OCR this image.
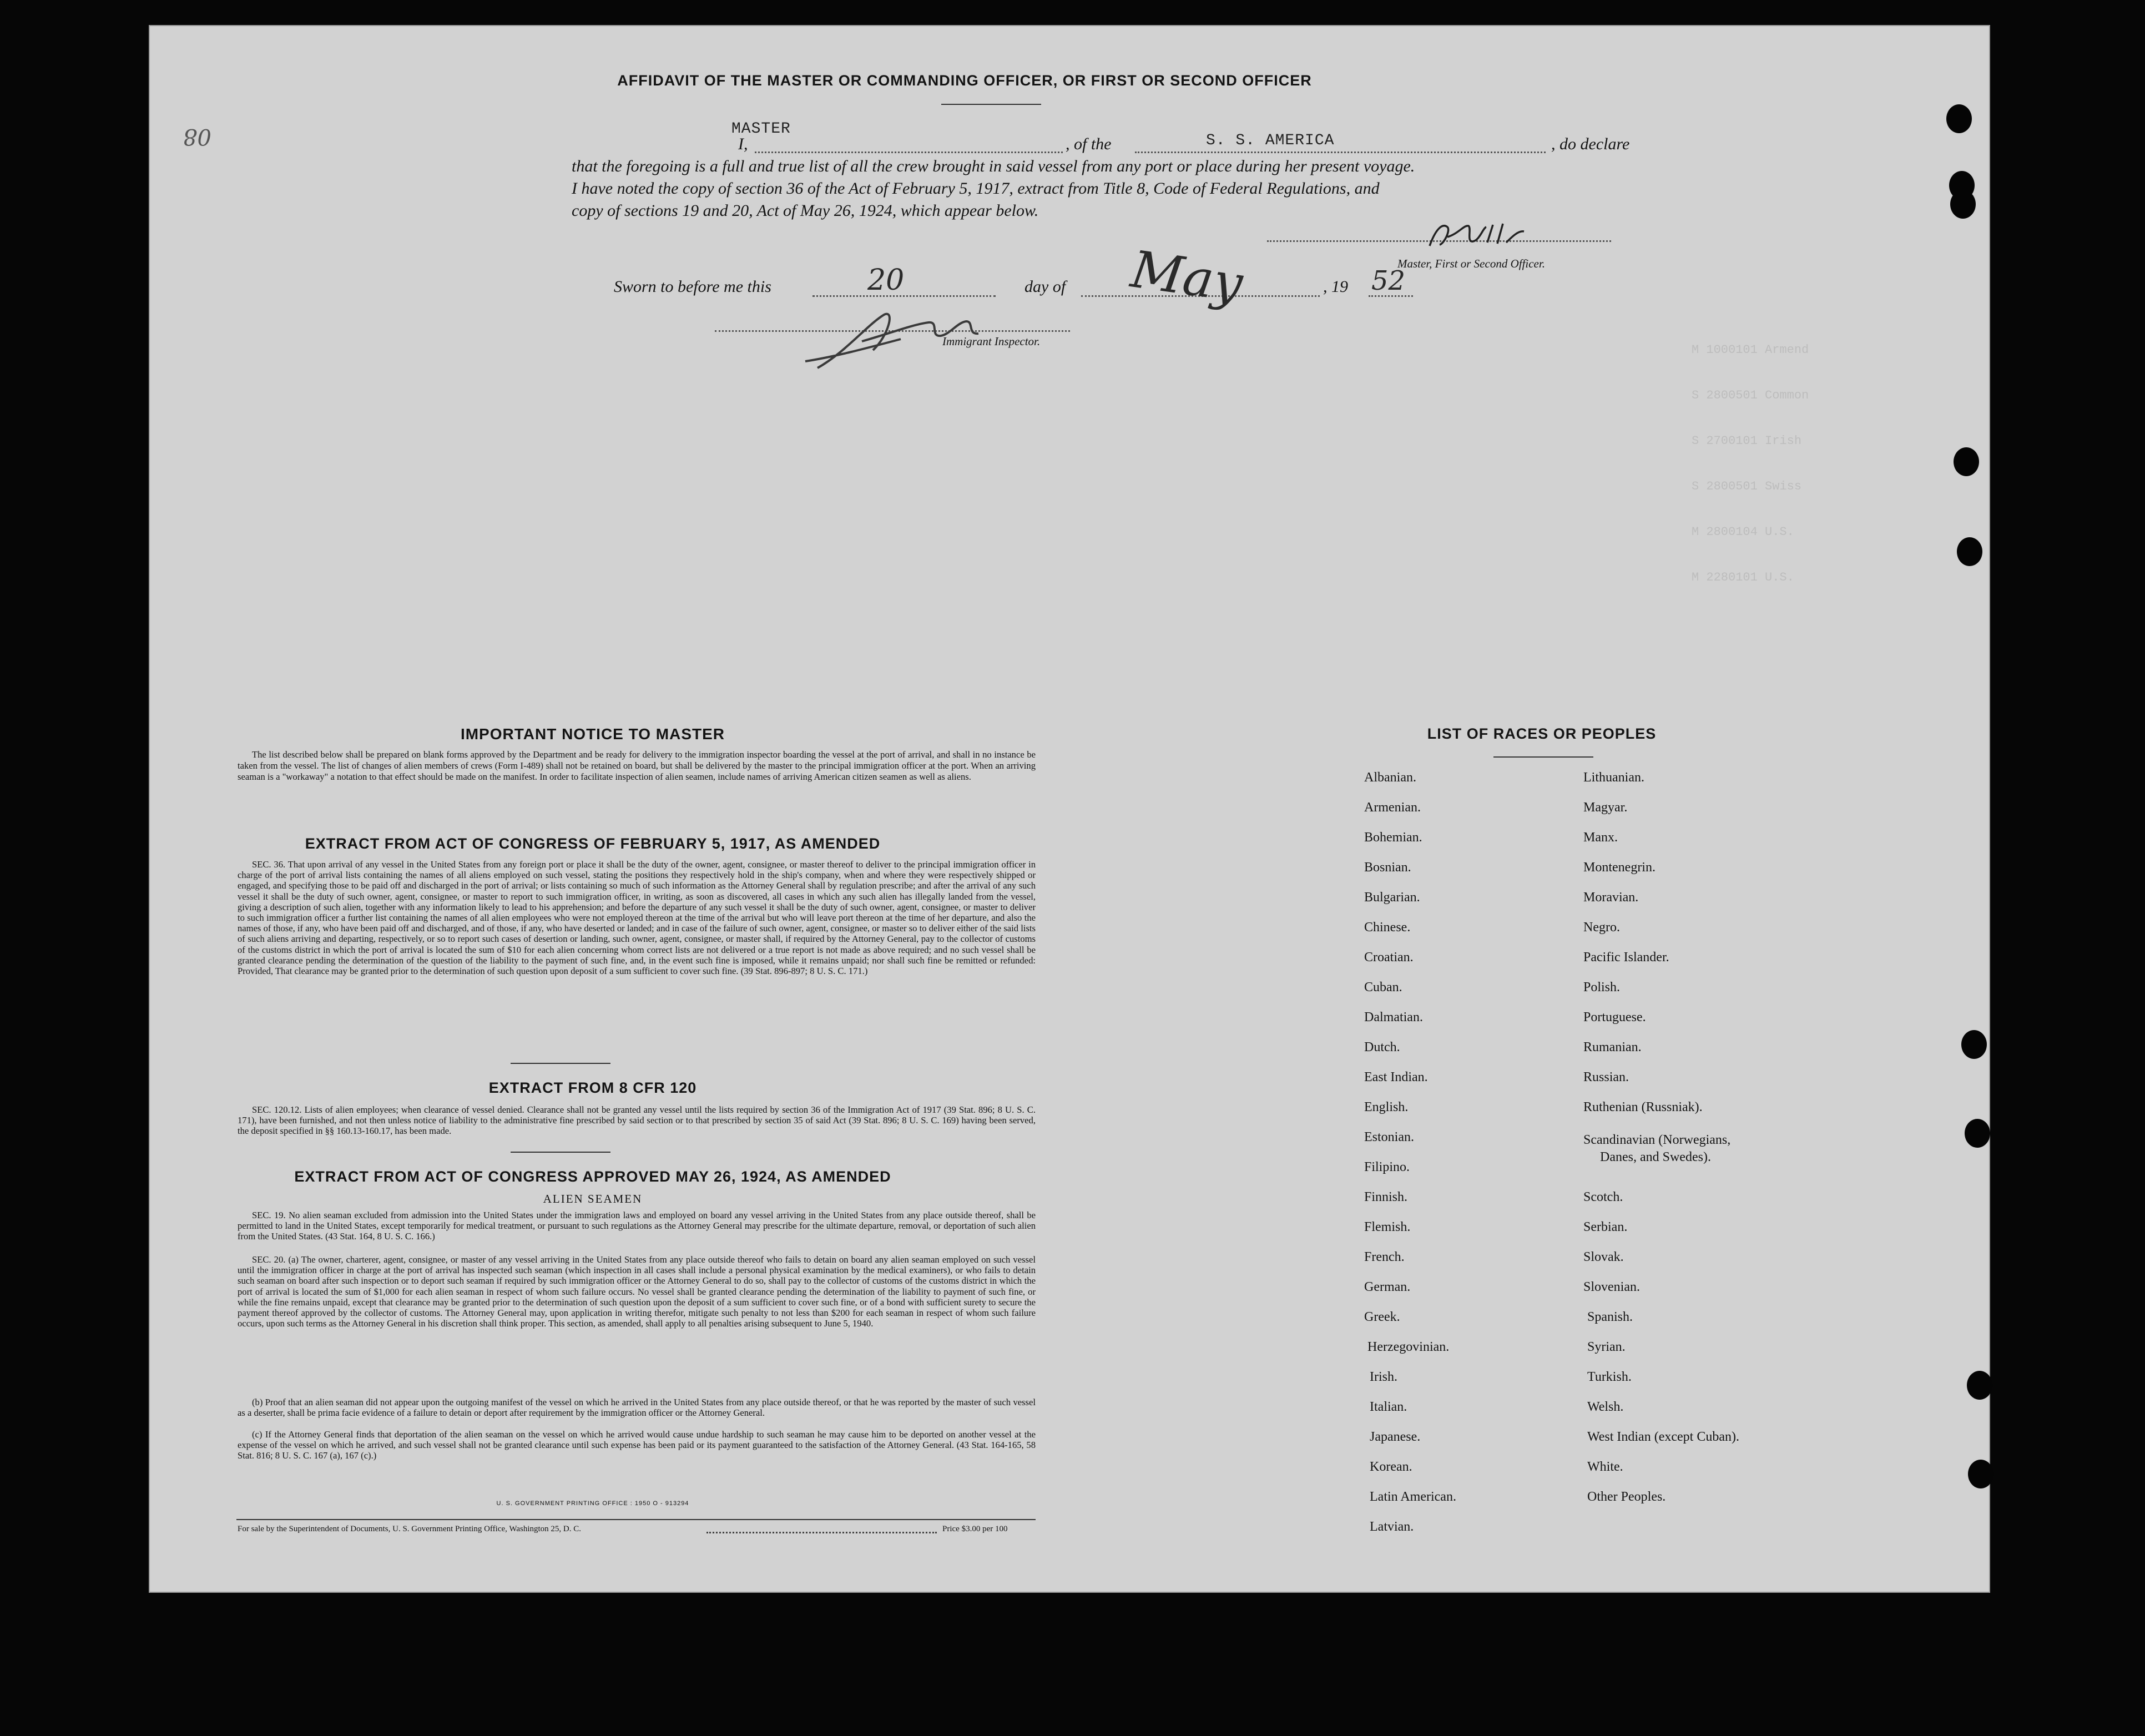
08
AFFIDAVIT OF THE MASTER OR COMMANDING OFFICER, OR FIRST OR SECOND OFFICER
I,	, of the	, do declare
MASTER
S. S. AMERICA
that the foregoing is a full and true list of all the crew brought in said vessel from any port or place during her present voyage.
I have noted the copy of section 36 of the Act of February 5, 1917, extract from Title 8, Code of Federal Regulations, and
copy of sections 19 and 20, Act of May 26, 1924, which appear below.
Master, First or Second Officer.
Sworn to before me this	day of	, 19
20	May	52
Immigrant Inspector.
M 1000101 Armend
S 2800501 Common
S 2700101 Irish
S 2800501 Swiss
M 2800104 U.S.
M 2280101 U.S.
IMPORTANT NOTICE TO MASTER

The list described below shall be prepared on blank forms approved by the Department and be ready for delivery to the immigration inspector boarding the vessel at the port of arrival, and shall in no instance be taken from the vessel. The list of changes of alien members of crews (Form I-489) shall not be retained on board, but shall be delivered by the master to the principal immigration officer at the port. When an arriving seaman is a "workaway" a notation to that effect should be made on the manifest. In order to facilitate inspection of alien seamen, include names of arriving American citizen seamen as well as aliens.

EXTRACT FROM ACT OF CONGRESS OF FEBRUARY 5, 1917, AS AMENDED

SEC. 36. That upon arrival of any vessel in the United States from any foreign port or place it shall be the duty of the owner, agent, consignee, or master thereof to deliver to the principal immigration officer in charge of the port of arrival lists containing the names of all aliens employed on such vessel, stating the positions they respectively hold in the ship's company, when and where they were respectively shipped or engaged, and specifying those to be paid off and discharged in the port of arrival; or lists containing so much of such information as the Attorney General shall by regulation prescribe; and after the arrival of any such vessel it shall be the duty of such owner, agent, consignee, or master to report to such immigration officer, in writing, as soon as discovered, all cases in which any such alien has illegally landed from the vessel, giving a description of such alien, together with any information likely to lead to his apprehension; and before the departure of any such vessel it shall be the duty of such owner, agent, consignee, or master to deliver to such immigration officer a further list containing the names of all alien employees who were not employed thereon at the time of the arrival but who will leave port thereon at the time of her departure, and also the names of those, if any, who have been paid off and discharged, and of those, if any, who have deserted or landed; and in case of the failure of such owner, agent, consignee, or master so to deliver either of the said lists of such aliens arriving and departing, respectively, or so to report such cases of desertion or landing, such owner, agent, consignee, or master shall, if required by the Attorney General, pay to the collector of customs of the customs district in which the port of arrival is located the sum of $10 for each alien concerning whom correct lists are not delivered or a true report is not made as above required; and no such vessel shall be granted clearance pending the determination of the question of the liability to the payment of such fine, and, in the event such fine is imposed, while it remains unpaid; nor shall such fine be remitted or refunded: Provided, That clearance may be granted prior to the determination of such question upon deposit of a sum sufficient to cover such fine. (39 Stat. 896-897; 8 U. S. C. 171.)

EXTRACT FROM 8 CFR 120

SEC. 120.12. Lists of alien employees; when clearance of vessel denied. Clearance shall not be granted any vessel until the lists required by section 36 of the Immigration Act of 1917 (39 Stat. 896; 8 U. S. C. 171), have been furnished, and not then unless notice of liability to the administrative fine prescribed by said section or to that prescribed by section 35 of said Act (39 Stat. 896; 8 U. S. C. 169) having been served, the deposit specified in §§ 160.13-160.17, has been made.

EXTRACT FROM ACT OF CONGRESS APPROVED MAY 26, 1924, AS AMENDED
ALIEN SEAMEN

SEC. 19. No alien seaman excluded from admission into the United States under the immigration laws and employed on board any vessel arriving in the United States from any place outside thereof, shall be permitted to land in the United States, except temporarily for medical treatment, or pursuant to such regulations as the Attorney General may prescribe for the ultimate departure, removal, or deportation of such alien from the United States. (43 Stat. 164, 8 U. S. C. 166.)

SEC. 20. (a) The owner, charterer, agent, consignee, or master of any vessel arriving in the United States from any place outside thereof who fails to detain on board any alien seaman employed on such vessel until the immigration officer in charge at the port of arrival has inspected such seaman (which inspection in all cases shall include a personal physical examination by the medical examiners), or who fails to detain such seaman on board after such inspection or to deport such seaman if required by such immigration officer or the Attorney General to do so, shall pay to the collector of customs of the customs district in which the port of arrival is located the sum of $1,000 for each alien seaman in respect of whom such failure occurs. No vessel shall be granted clearance pending the determination of the liability to payment of such fine, or while the fine remains unpaid, except that clearance may be granted prior to the determination of such question upon the deposit of a sum sufficient to cover such fine, or of a bond with sufficient surety to secure the payment thereof approved by the collector of customs. The Attorney General may, upon application in writing therefor, mitigate such penalty to not less than $200 for each seaman in respect of whom such failure occurs, upon such terms as the Attorney General in his discretion shall think proper. This section, as amended, shall apply to all penalties arising subsequent to June 5, 1940.

(b) Proof that an alien seaman did not appear upon the outgoing manifest of the vessel on which he arrived in the United States from any place outside thereof, or that he was reported by the master of such vessel as a deserter, shall be prima facie evidence of a failure to detain or deport after requirement by the immigration officer or the Attorney General.

(c) If the Attorney General finds that deportation of the alien seaman on the vessel on which he arrived would cause undue hardship to such seaman he may cause him to be deported on another vessel at the expense of the vessel on which he arrived, and such vessel shall not be granted clearance until such expense has been paid or its payment guaranteed to the satisfaction of the Attorney General. (43 Stat. 164-165, 58 Stat. 816; 8 U. S. C. 167 (a), 167 (c).)

U. S. GOVERNMENT PRINTING OFFICE : 1950 O - 913294
For sale by the Superintendent of Documents, U. S. Government Printing Office, Washington 25, D. C.	Price $3.00 per 100
LIST OF RACES OR PEOPLES
Albanian.
Armenian.
Bohemian.
Bosnian.
Bulgarian.
Chinese.
Croatian.
Cuban.
Dalmatian.
Dutch.
East Indian.
English.
Estonian.
Filipino.
Finnish.
Flemish.
French.
German.
Greek.
Herzegovinian.
Irish.
Italian.
Japanese.
Korean.
Latin American.
Latvian.
Lithuanian.
Magyar.
Manx.
Montenegrin.
Moravian.
Negro.
Pacific Islander.
Polish.
Portuguese.
Rumanian.
Russian.
Ruthenian (Russniak).
Scandinavian (Norwegians,
Danes, and Swedes).
Scotch.
Serbian.
Slovak.
Slovenian.
Spanish.
Syrian.
Turkish.
Welsh.
West Indian (except Cuban).
White.
Other Peoples.
